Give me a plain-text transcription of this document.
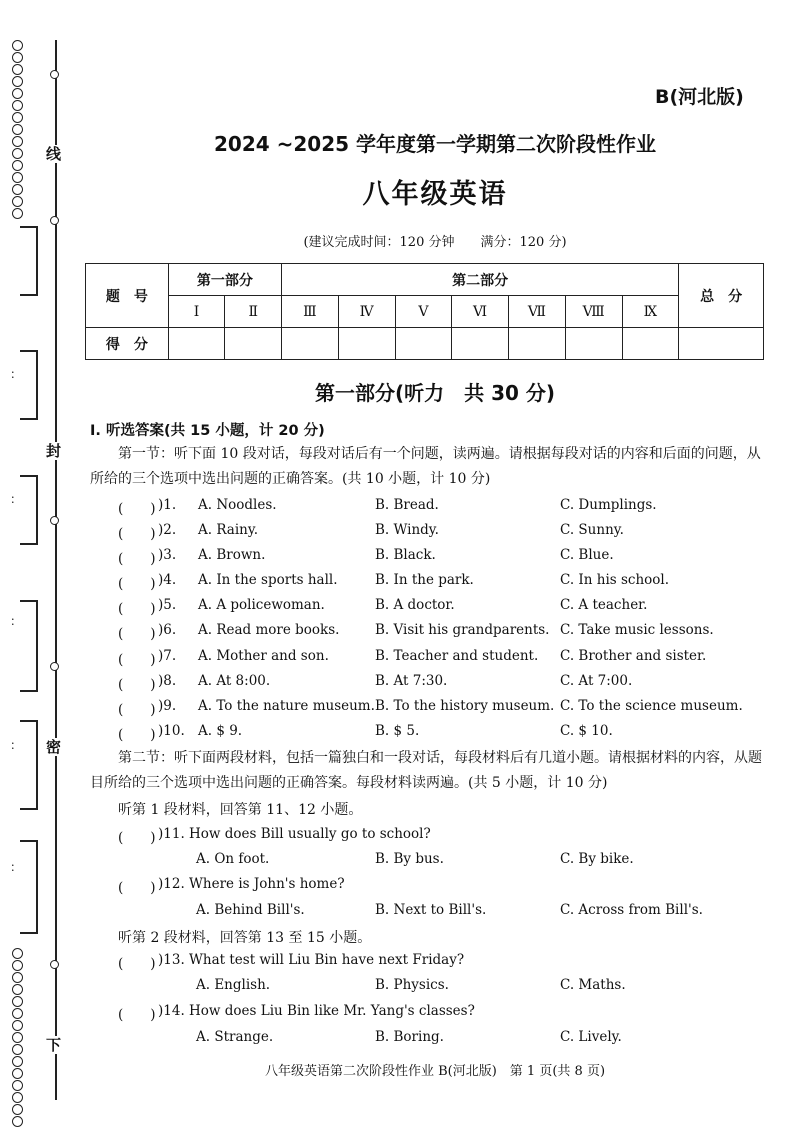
线
封
密
下
：
：
：
：
：
B(河北版)
2024 ~2025 学年度第一学期第二次阶段性作业
八年级英语
(建议完成时间：120 分钟 满分：120 分)
题　号	第一部分		第二部分							总　分
	I	Ⅱ	Ⅲ	Ⅳ	V	Ⅵ	Ⅶ	Ⅷ	Ⅸ	
得　分										
第一部分(听力　共 30 分)
I. 听选答案(共 15 小题，计 20 分)
第一节：听下面 10 段对话，每段对话后有一个问题，读两遍。请根据每段对话的内容和后面的问题，从所给的三个选项中选出问题的正确答案。(共 10 小题，计 10 分)
(　　) )1. A. Noodles.	B. Bread.	C. Dumplings.
(　　) )2. A. Rainy.	B. Windy.	C. Sunny.
(　　) )3. A. Brown.	B. Black.	C. Blue.
(　　) )4. A. In the sports hall.	B. In the park.	C. In his school.
(　　) )5. A. A policewoman.	B. A doctor.	C. A teacher.
(　　) )6. A. Read more books.	B. Visit his grandparents. C. Take music lessons.
(　　) )7. A. Mother and son.	B. Teacher and student. C. Brother and sister.
(　　) )8. A. At 8:00.	B. At 7:30.	C. At 7:00.
(　　) )9. A. To the nature museum. B. To the history museum. C. To the science museum.
(　　) )10. A. $ 9.	B. $ 5.	C. $ 10.
第二节：听下面两段材料，包括一篇独白和一段对话，每段材料后有几道小题。请根据材料的内容，从题目所给的三个选项中选出问题的正确答案。每段材料读两遍。(共 5 小题，计 10 分)
听第 1 段材料，回答第 11、12 小题。
(　　) )11. How does Bill usually go to school?
A. On foot.	B. By bus.	C. By bike.
(　　) )12. Where is John's home?
A. Behind Bill's.	B. Next to Bill's.	C. Across from Bill's.
听第 2 段材料，回答第 13 至 15 小题。
(　　) )13. What test will Liu Bin have next Friday?
A. English.	B. Physics.	C. Maths.
(　　) )14. How does Liu Bin like Mr. Yang's classes?
A. Strange.	B. Boring.	C. Lively.
八年级英语第二次阶段性作业 B(河北版)　第 1 页(共 8 页)
